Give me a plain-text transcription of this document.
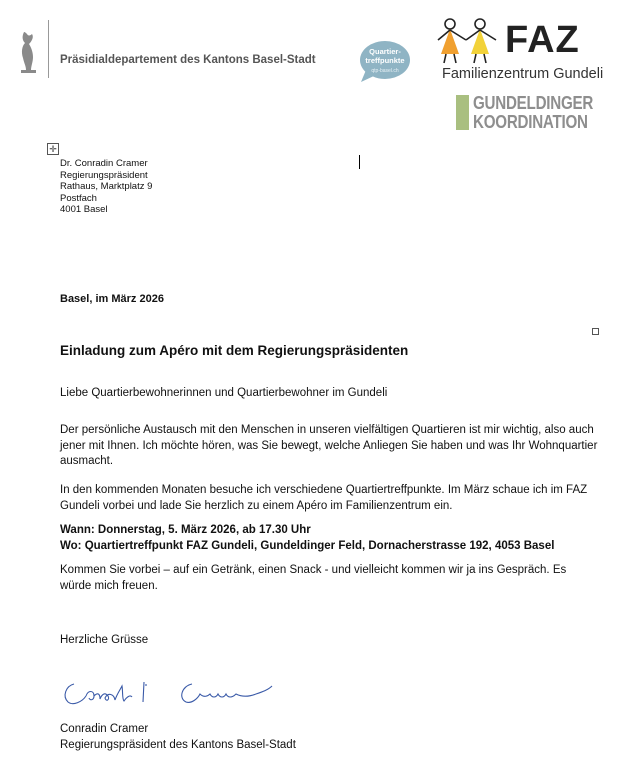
Präsidialdepartement des Kantons Basel-Stadt
Quartier-
treffpunkte
qtp-basel.ch
FAZ
Familienzentrum Gundeli
GUNDELDINGER
KOORDINATION
✛
Dr. Conradin Cramer
Regierungspräsident
Rathaus, Marktplatz 9
Postfach
4001 Basel
Basel, im März 2026
Einladung zum Apéro mit dem Regierungspräsidenten
Liebe Quartierbewohnerinnen und Quartierbewohner im Gundeli
Der persönliche Austausch mit den Menschen in unseren vielfältigen Quartieren ist mir wichtig, also auch jener mit Ihnen. Ich möchte hören, was Sie bewegt, welche Anliegen Sie haben und was Ihr Wohnquartier ausmacht.
In den kommenden Monaten besuche ich verschiedene Quartiertreffpunkte. Im März schaue ich im FAZ Gundeli vorbei und lade Sie herzlich zu einem Apéro im Familienzentrum ein.
Wann: Donnerstag, 5. März 2026, ab 17.30 Uhr
Wo: Quartiertreffpunkt FAZ Gundeli, Gundeldinger Feld, Dornacherstrasse 192, 4053 Basel
Kommen Sie vorbei – auf ein Getränk, einen Snack - und vielleicht kommen wir ja ins Gespräch. Es würde mich freuen.
Herzliche Grüsse
Conradin Cramer
Regierungspräsident des Kantons Basel-Stadt
